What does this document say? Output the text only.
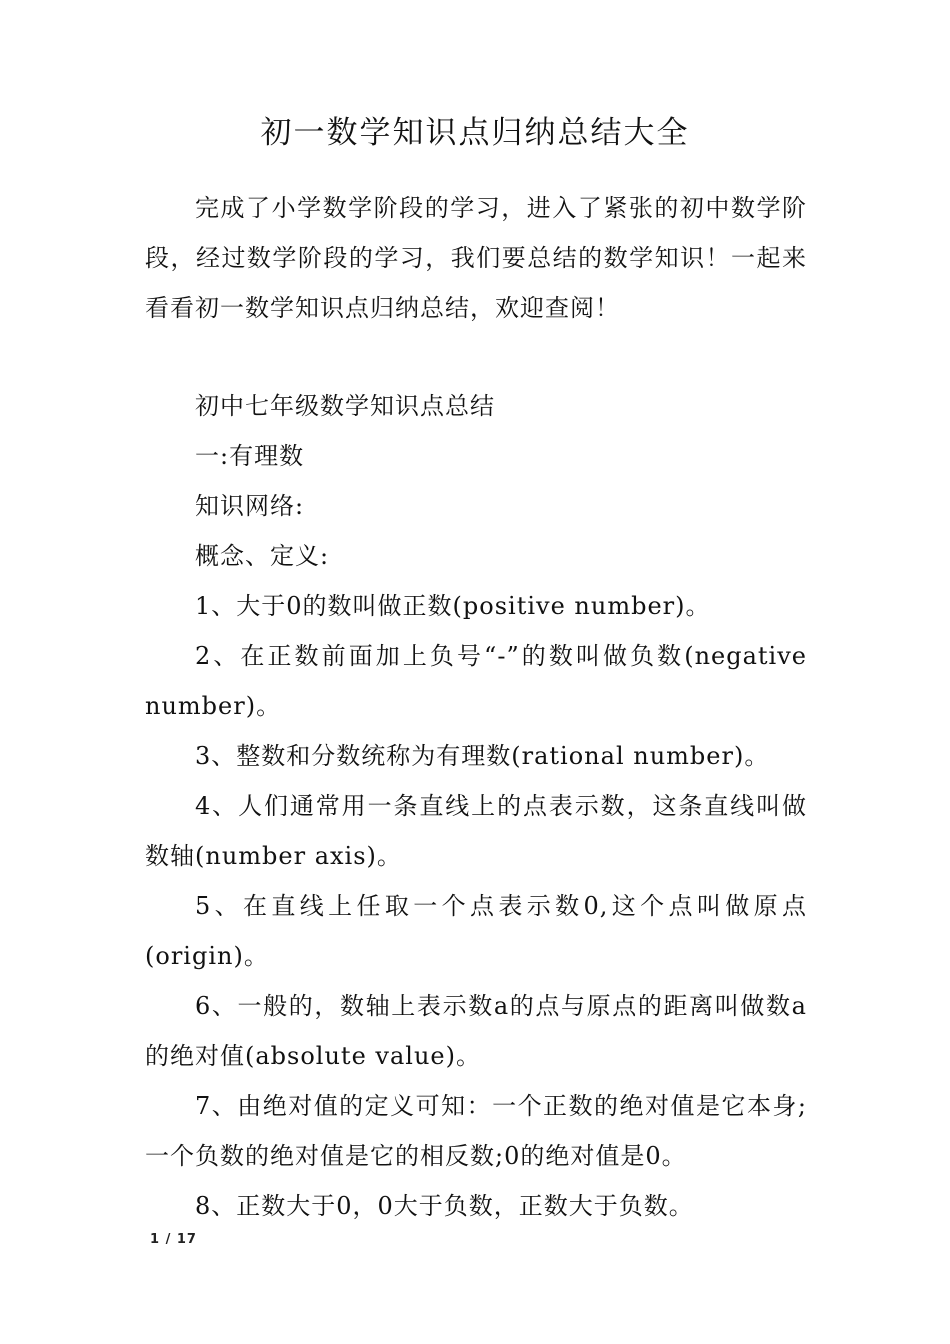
初一数学知识点归纳总结大全
完成了小学数学阶段的学习，进入了紧张的初中数学阶段，经过数学阶段的学习，我们要总结的数学知识！一起来看看初一数学知识点归纳总结，欢迎查阅！

初中七年级数学知识点总结

一:有理数

知识网络:

概念、定义:

1、大于0的数叫做正数(positive number)。

2、在正数前面加上负号“-”的数叫做负数(negative number)。

3、整数和分数统称为有理数(rational number)。

4、人们通常用一条直线上的点表示数，这条直线叫做数轴(number axis)。

5、在直线上任取一个点表示数0,这个点叫做原点(origin)。

6、一般的，数轴上表示数a的点与原点的距离叫做数a的绝对值(absolute value)。

7、由绝对值的定义可知：一个正数的绝对值是它本身;一个负数的绝对值是它的相反数;0的绝对值是0。

8、正数大于0，0大于负数，正数大于负数。

1 / 17
